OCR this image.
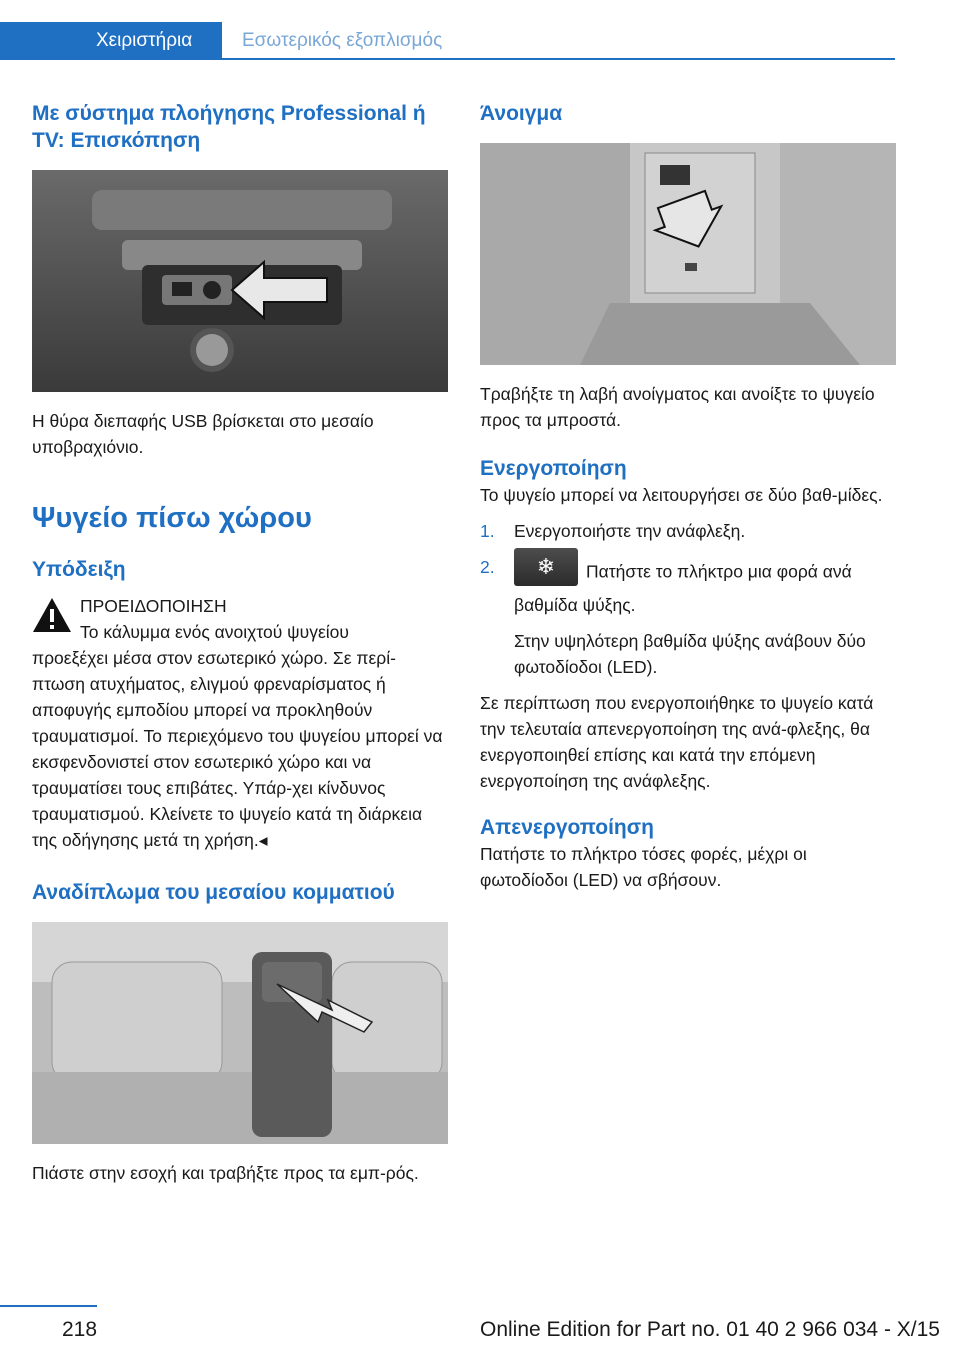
Χειριστήρια	Εσωτερικός εξοπλισμός
Με σύστημα πλοήγησης Professional ή TV: Επισκόπηση

Η θύρα διεπαφής USB βρίσκεται στο μεσαίο υποβραχιόνιο.

Ψυγείο πίσω χώρου
Υπόδειξη
ΠΡΟΕΙΔΟΠΟΙΗΣΗ
Το κάλυμμα ενός ανοιχτού ψυγείου
προεξέχει μέσα στον εσωτερικό χώρο. Σε περί-πτωση ατυχήματος, ελιγμού φρεναρίσματος ή αποφυγής εμποδίου μπορεί να προκληθούν τραυματισμοί. Το περιεχόμενο του ψυγείου μπορεί να εκσφενδονιστεί στον εσωτερικό χώρο και να τραυματίσει τους επιβάτες. Υπάρ-χει κίνδυνος τραυματισμού. Κλείνετε το ψυγείο κατά τη διάρκεια της οδήγησης μετά τη χρήση.◂
Αναδίπλωμα του μεσαίου κομματιού

Πιάστε στην εσοχή και τραβήξτε προς τα εμπ-ρός.

Άνοιγμα

Τραβήξτε τη λαβή ανοίγματος και ανοίξτε το ψυγείο προς τα μπροστά.

Ενεργοποίηση

Το ψυγείο μπορεί να λειτουργήσει σε δύο βαθ-μίδες.

1. Ενεργοποιήστε την ανάφλεξη.
2.	❄	Πατήστε το πλήκτρο μια φορά ανά βαθμίδα ψύξης.
Στην υψηλότερη βαθμίδα ψύξης ανάβουν δύο φωτοδίοδοι (LED).

Σε περίπτωση που ενεργοποιήθηκε το ψυγείο κατά την τελευταία απενεργοποίηση της ανά-φλεξης, θα ενεργοποιηθεί επίσης και κατά την επόμενη ενεργοποίηση της ανάφλεξης.

Απενεργοποίηση

Πατήστε το πλήκτρο τόσες φορές, μέχρι οι φωτοδίοδοι (LED) να σβήσουν.

218	Online Edition for Part no. 01 40 2 966 034 - X/15
